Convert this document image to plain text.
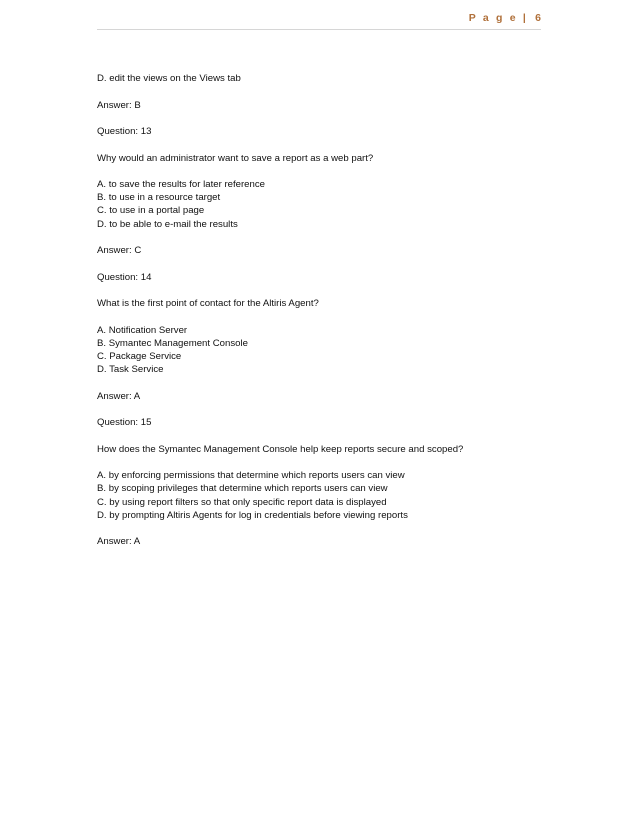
P a g e | 6
D. edit the views on the Views tab
Answer: B
Question: 13
Why would an administrator want to save a report as a web part?
A. to save the results for later reference
B. to use in a resource target
C. to use in a portal page
D. to be able to e-mail the results
Answer: C
Question: 14
What is the first point of contact for the Altiris Agent?
A. Notification Server
B. Symantec Management Console
C. Package Service
D. Task Service
Answer: A
Question: 15
How does the Symantec Management Console help keep reports secure and scoped?
A. by enforcing permissions that determine which reports users can view
B. by scoping privileges that determine which reports users can view
C. by using report filters so that only specific report data is displayed
D. by prompting Altiris Agents for log in credentials before viewing reports
Answer: A
